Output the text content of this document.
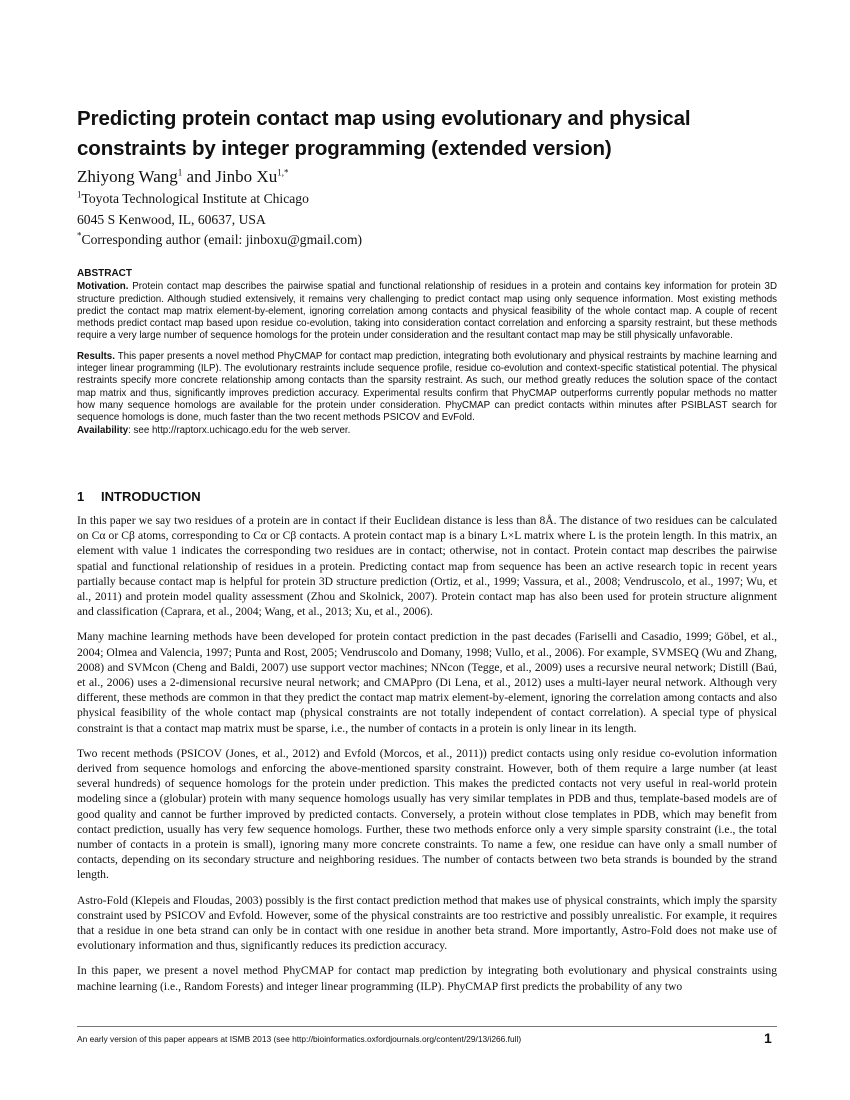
Predicting protein contact map using evolutionary and physical constraints by integer programming (extended version)
Zhiyong Wang$^1$ and Jinbo $Xu^{1,*}$
$^1$Toyota Technological Institute at Chicago
6045 S Kenwood, IL, 60637, USA
*Corresponding author (email: jinboxu@gmail.com)
ABSTRACT

Motivation. Protein contact map describes the pairwise spatial and functional relationship of residues in a protein and contains key information for protein 3D structure prediction. Although studied extensively, it remains very challenging to predict contact map using only sequence information. Most existing methods predict the contact map matrix element-by-element, ignoring correlation among contacts and physical feasibility of the whole contact map. A couple of recent methods predict contact map based upon residue co-evolution, taking into consideration contact correlation and enforcing a sparsity restraint, but these methods require a very large number of sequence homologs for the protein under consideration and the resultant contact map may be still physically unfavorable.

Results. This paper presents a novel method PhyCMAP for contact map prediction, integrating both evolutionary and physical restraints by machine learning and integer linear programming (ILP). The evolutionary restraints include sequence profile, residue co-evolution and context-specific statistical potential. The physical restraints specify more concrete relationship among contacts than the sparsity restraint. As such, our method greatly reduces the solution space of the contact map matrix and thus, significantly improves prediction accuracy. Experimental results confirm that PhyCMAP outperforms currently popular methods no matter how many sequence homologs are available for the protein under consideration. PhyCMAP can predict contacts within minutes after PSIBLAST search for sequence homologs is done, much faster than the two recent methods PSICOV and EvFold.

Availability: see http://raptorx.uchicago.edu for the web server.

1 INTRODUCTION

In this paper we say two residues of a protein are in contact if their Euclidean distance is less than 8Å. The distance of two residues can be calculated on Cα or Cβ atoms, corresponding to Cα or Cβ contacts. A protein contact map is a binary L×L matrix where L is the protein length. In this matrix, an element with value 1 indicates the corresponding two residues are in contact; otherwise, not in contact. Protein contact map describes the pairwise spatial and functional relationship of residues in a protein. Predicting contact map from sequence has been an active research topic in recent years partially because contact map is helpful for protein 3D structure prediction (Ortiz, et al., 1999; Vassura, et al., 2008; Vendruscolo, et al., 1997; Wu, et al., 2011) and protein model quality assessment (Zhou and Skolnick, 2007). Protein contact map has also been used for protein structure alignment and classification (Caprara, et al., 2004; Wang, et al., 2013; Xu, et al., 2006).

Many machine learning methods have been developed for protein contact prediction in the past decades (Fariselli and Casadio, 1999; Göbel, et al., 2004; Olmea and Valencia, 1997; Punta and Rost, 2005; Vendruscolo and Domany, 1998; Vullo, et al., 2006). For example, SVMSEQ (Wu and Zhang, 2008) and SVMcon (Cheng and Baldi, 2007) use support vector machines; NNcon (Tegge, et al., 2009) uses a recursive neural network; Distill (Baú, et al., 2006) uses a 2-dimensional recursive neural network; and CMAPpro (Di Lena, et al., 2012) uses a multi-layer neural network. Although very different, these methods are common in that they predict the contact map matrix element-by-element, ignoring the correlation among contacts and also physical feasibility of the whole contact map (physical constraints are not totally independent of contact correlation). A special type of physical constraint is that a contact map matrix must be sparse, i.e., the number of contacts in a protein is only linear in its length.

Two recent methods (PSICOV (Jones, et al., 2012) and Evfold (Morcos, et al., 2011)) predict contacts using only residue co-evolution information derived from sequence homologs and enforcing the above-mentioned sparsity constraint. However, both of them require a large number (at least several hundreds) of sequence homologs for the protein under prediction. This makes the predicted contacts not very useful in real-world protein modeling since a (globular) protein with many sequence homologs usually has very similar templates in PDB and thus, template-based models are of good quality and cannot be further improved by predicted contacts. Conversely, a protein without close templates in PDB, which may benefit from contact prediction, usually has very few sequence homologs. Further, these two methods enforce only a very simple sparsity constraint (i.e., the total number of contacts in a protein is small), ignoring many more concrete constraints. To name a few, one residue can have only a small number of contacts, depending on its secondary structure and neighboring residues. The number of contacts between two beta strands is bounded by the strand length.

Astro-Fold (Klepeis and Floudas, 2003) possibly is the first contact prediction method that makes use of physical constraints, which imply the sparsity constraint used by PSICOV and Evfold. However, some of the physical constraints are too restrictive and possibly unrealistic. For example, it requires that a residue in one beta strand can only be in contact with one residue in another beta strand. More importantly, Astro-Fold does not make use of evolutionary information and thus, significantly reduces its prediction accuracy.

In this paper, we present a novel method PhyCMAP for contact map prediction by integrating both evolutionary and physical constraints using machine learning (i.e., Random Forests) and integer linear programming (ILP). PhyCMAP first predicts the probability of any two

An early version of this paper appears at ISMB 2013 (see http://bioinformatics.oxfordjournals.org/content/29/13/i266.full)	1
